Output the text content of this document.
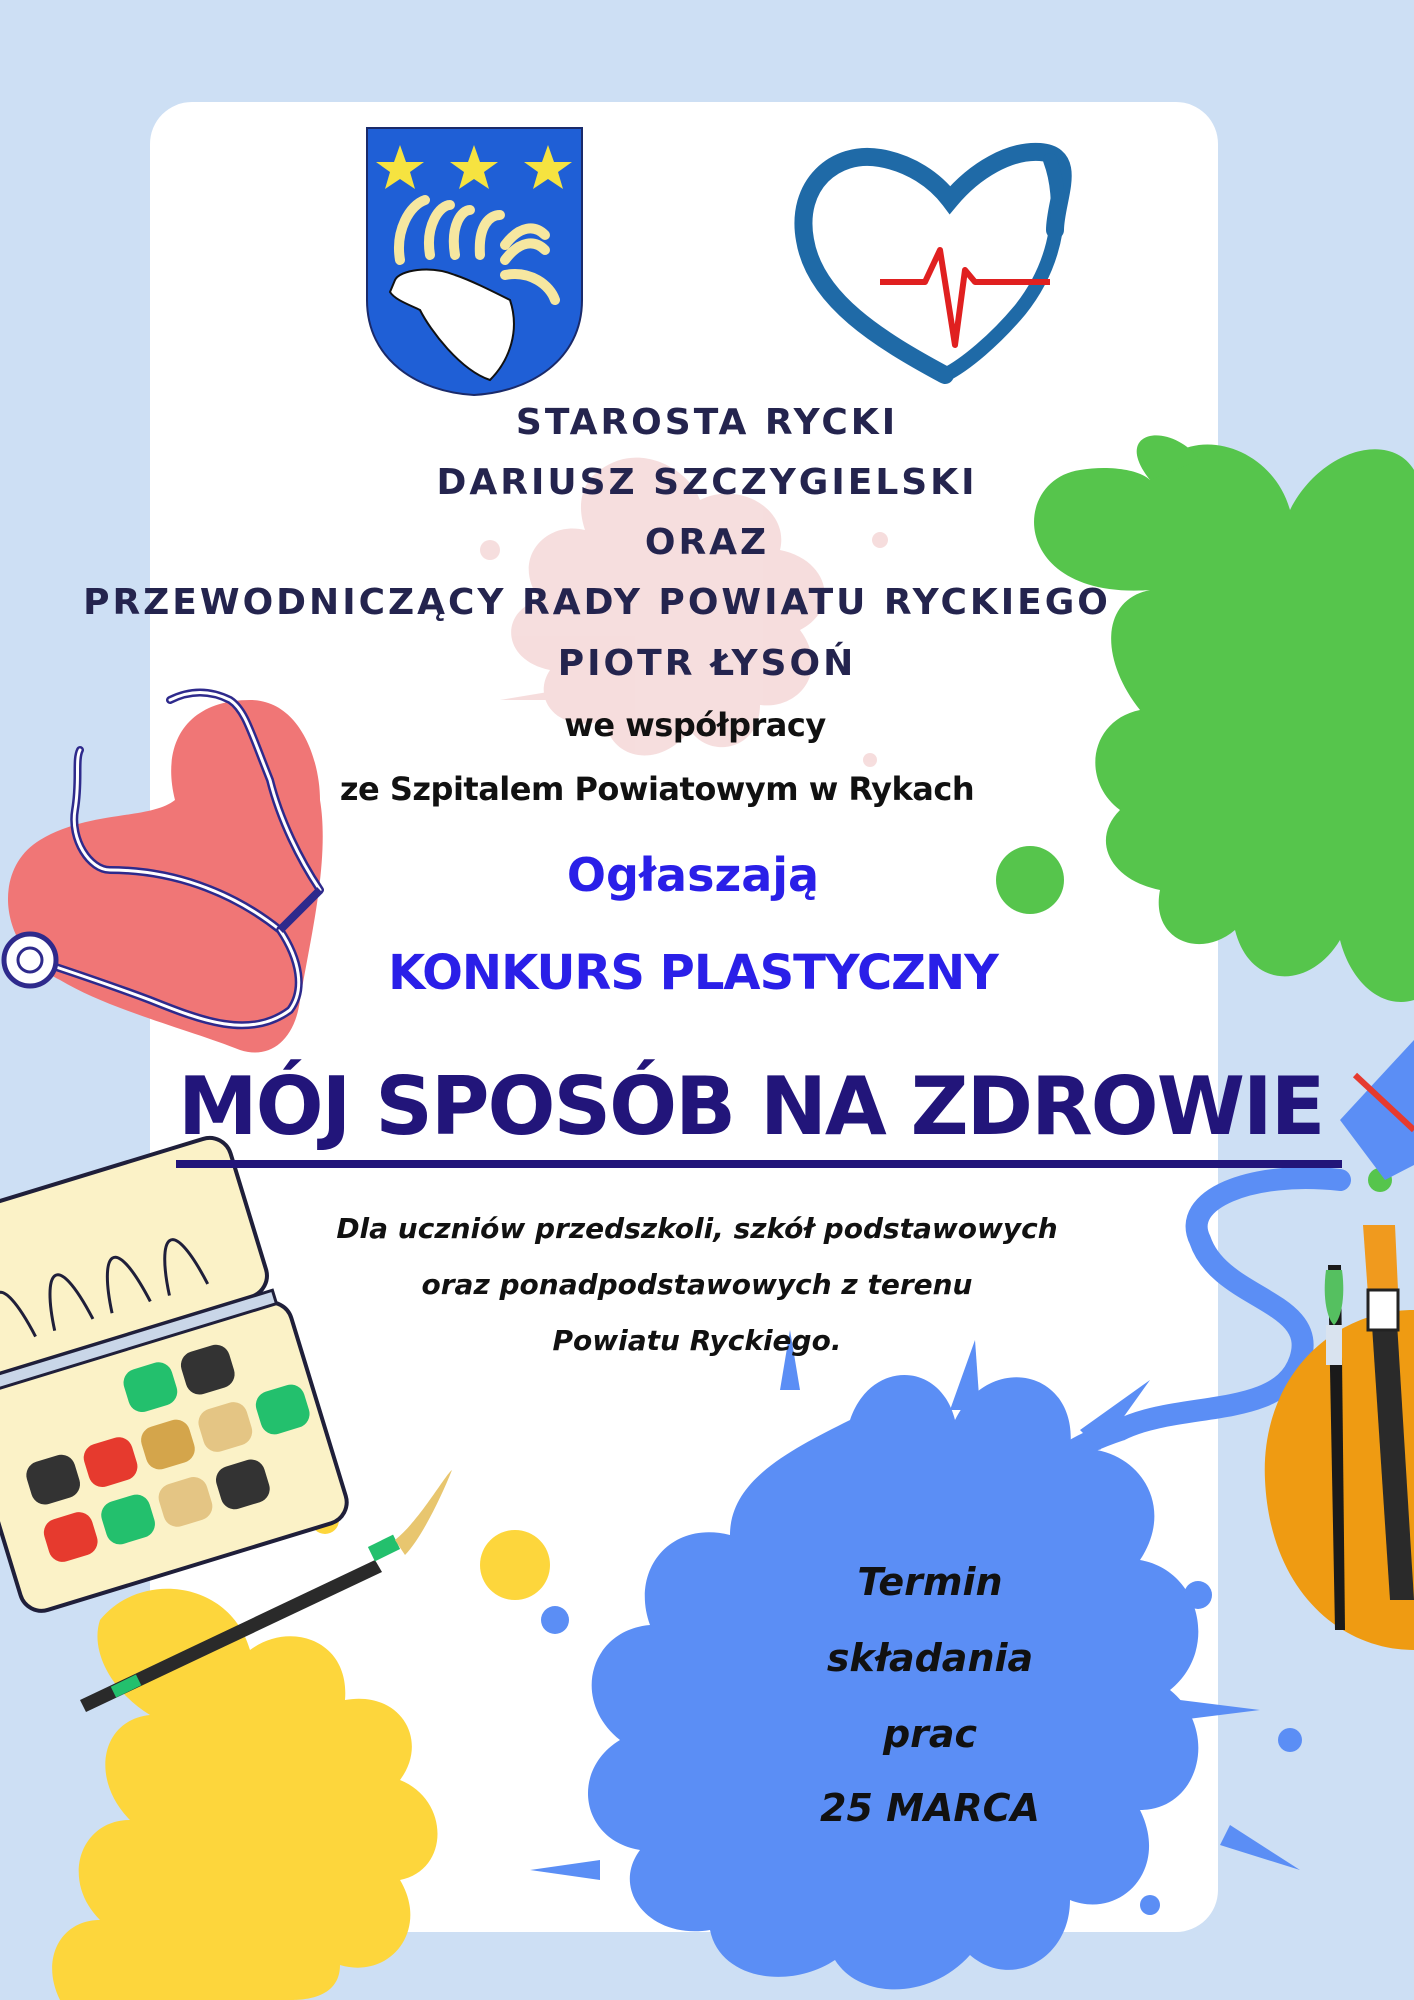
STAROSTA RYCKI

DARIUSZ SZCZYGIELSKI

ORAZ

PRZEWODNICZĄCY RADY POWIATU RYCKIEGO

PIOTR ŁYSOŃ

we współpracy

ze Szpitalem Powiatowym w Rykach

Ogłaszają

KONKURS PLASTYCZNY

MÓJ SPOSÓB NA ZDROWIE

Dla uczniów przedszkoli, szkół podstawowych

oraz ponadpodstawowych z terenu

Powiatu Ryckiego.

Termin

składania

prac

25 MARCA
